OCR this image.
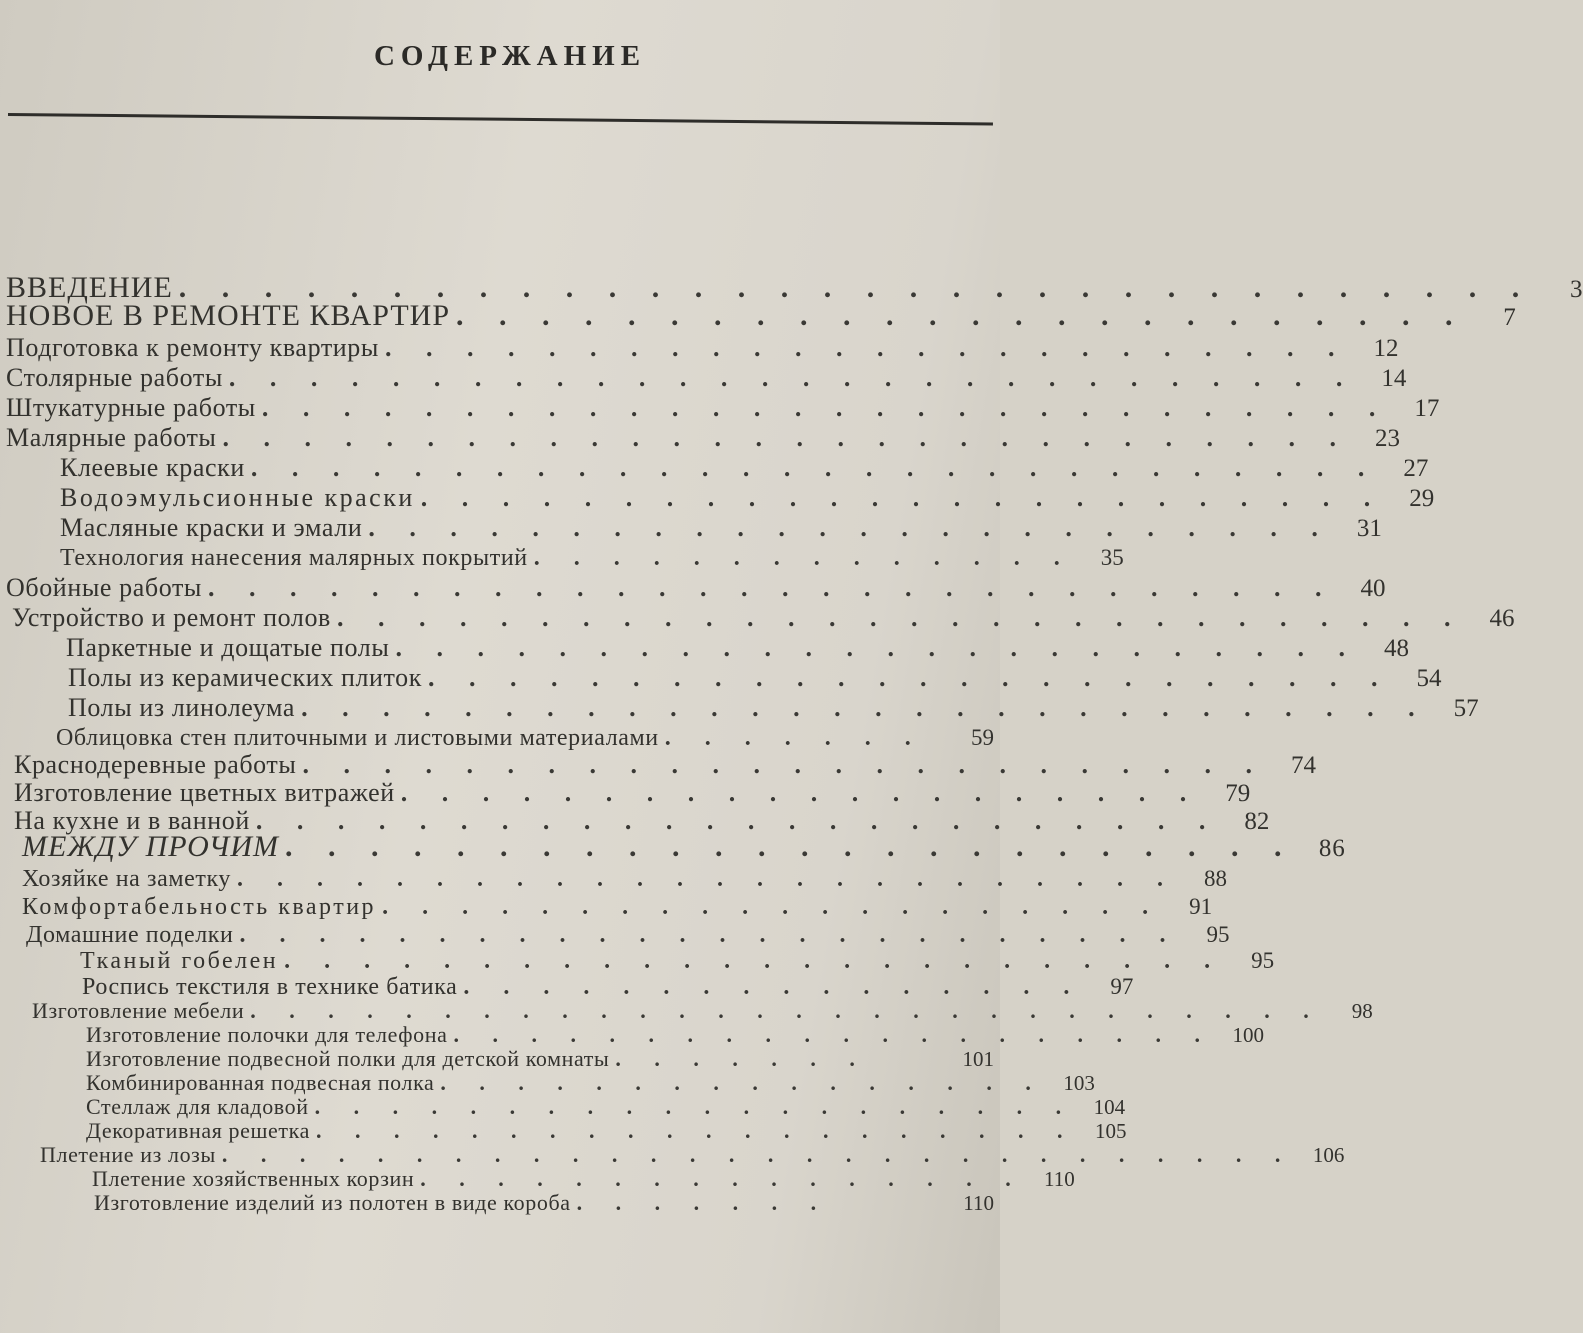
СОДЕРЖАНИЕ
ВВЕДЕНИЕ . . . . . . . . . . . . . . . . . . . . . . . . . . . . . . . .	3
НОВОЕ В РЕМОНТЕ КВАРТИР . . . . . . . . . . . . . . . . . . . . . . . .	7
Подготовка к ремонту квартиры . . . . . . . . . . . . . . . . . . . . . . . .	12
Столярные работы . . . . . . . . . . . . . . . . . . . . . . . . . . . .	14
Штукатурные работы . . . . . . . . . . . . . . . . . . . . . . . . . . . .	17
Малярные работы . . . . . . . . . . . . . . . . . . . . . . . . . . . .	23
Клеевые краски . . . . . . . . . . . . . . . . . . . . . . . . . . . .	27
Водоэмульсионные краски . . . . . . . . . . . . . . . . . . . . . . . .	29
Масляные краски и эмали . . . . . . . . . . . . . . . . . . . . . . . .	31
Технология нанесения малярных покрытий . . . . . . . . . . . . . .	35
Обойные работы . . . . . . . . . . . . . . . . . . . . . . . . . . . .	40
Устройство и ремонт полов . . . . . . . . . . . . . . . . . . . . . . . . . . . .	46
Паркетные и дощатые полы . . . . . . . . . . . . . . . . . . . . . . . .	48
Полы из керамических плиток . . . . . . . . . . . . . . . . . . . . . . . .	54
Полы из линолеума . . . . . . . . . . . . . . . . . . . . . . . . . . . .	57
Облицовка стен плиточными и листовыми материалами . . . . . . .	59
Краснодеревные работы . . . . . . . . . . . . . . . . . . . . . . . .	74
Изготовление цветных витражей . . . . . . . . . . . . . . . . . . . .	79
На кухне и в ванной . . . . . . . . . . . . . . . . . . . . . . . .	82
МЕЖДУ ПРОЧИМ . . . . . . . . . . . . . . . . . . . . . . . . 86
Хозяйке на заметку . . . . . . . . . . . . . . . . . . . . . . . .	88
Комфортабельность квартир . . . . . . . . . . . . . . . . . . . .	91
Домашние поделки . . . . . . . . . . . . . . . . . . . . . . . .	95
Тканый гобелен . . . . . . . . . . . . . . . . . . . . . . . .	95
Роспись текстиля в технике батика . . . . . . . . . . . . . . . .	97
Изготовление мебели . . . . . . . . . . . . . . . . . . . . . . . . . . . .	98
Изготовление полочки для телефона . . . . . . . . . . . . . . . . . . . . 100
Изготовление подвесной полки для детской комнаты . . . . . . .	101
Комбинированная подвесная полка . . . . . . . . . . . . . . . . 103
Стеллаж для кладовой . . . . . . . . . . . . . . . . . . . . 104
Декоративная решетка . . . . . . . . . . . . . . . . . . . . 105
Плетение из лозы . . . . . . . . . . . . . . . . . . . . . . . . . . . . 106
Плетение хозяйственных корзин . . . . . . . . . . . . . . . . 110
Изготовление изделий из полотен в виде короба . . . . . . .	110
